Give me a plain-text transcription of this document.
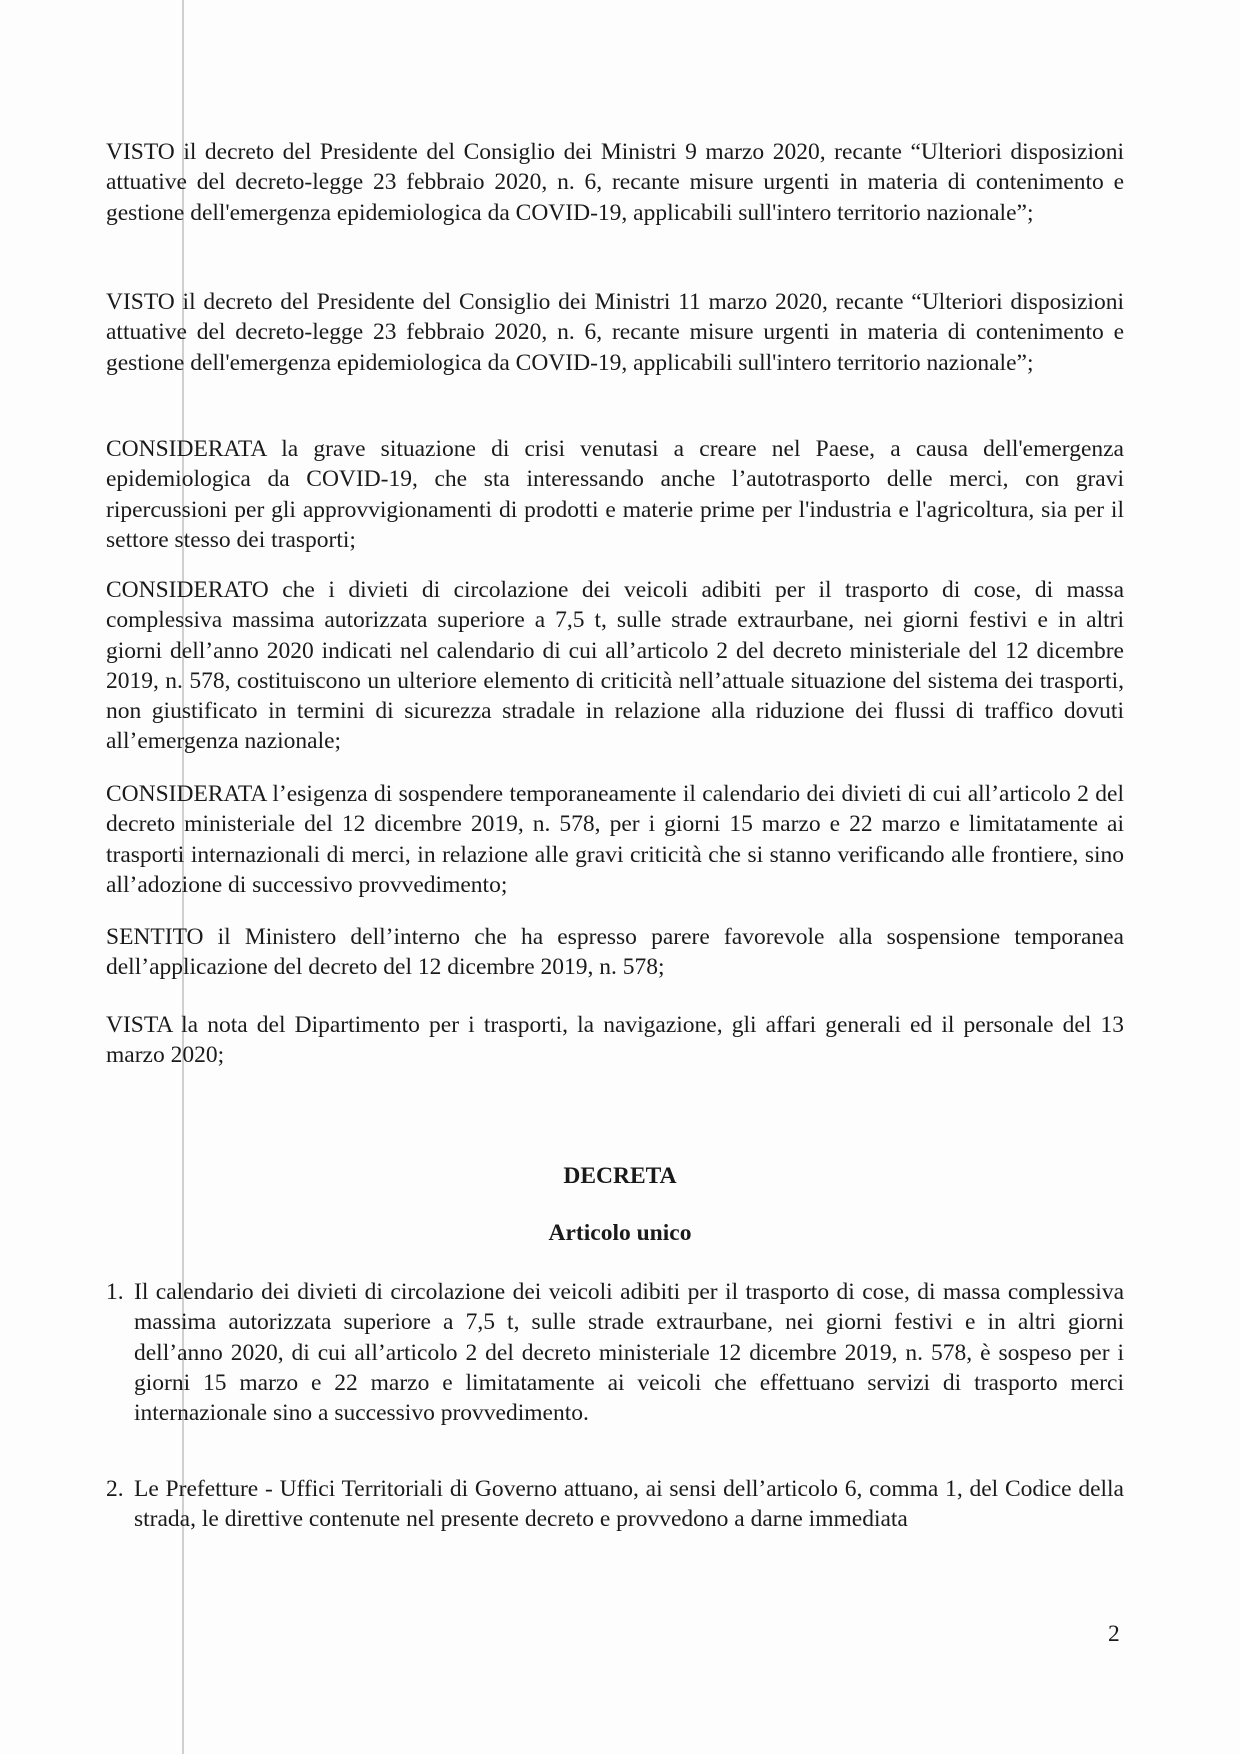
VISTO il decreto del Presidente del Consiglio dei Ministri 9 marzo 2020, recante “Ulteriori disposizioni attuative del decreto-legge 23 febbraio 2020, n. 6, recante misure urgenti in materia di contenimento e gestione dell'emergenza epidemiologica da COVID-19, applicabili sull'intero territorio nazionale”;

VISTO il decreto del Presidente del Consiglio dei Ministri 11 marzo 2020, recante “Ulteriori disposizioni attuative del decreto-legge 23 febbraio 2020, n. 6, recante misure urgenti in materia di contenimento e gestione dell'emergenza epidemiologica da COVID-19, applicabili sull'intero territorio nazionale”;

CONSIDERATA la grave situazione di crisi venutasi a creare nel Paese, a causa dell'emergenza epidemiologica da COVID-19, che sta interessando anche l’autotrasporto delle merci, con gravi ripercussioni per gli approvvigionamenti di prodotti e materie prime per l'industria e l'agricoltura, sia per il settore stesso dei trasporti;

CONSIDERATO che i divieti di circolazione dei veicoli adibiti per il trasporto di cose, di massa complessiva massima autorizzata superiore a 7,5 t, sulle strade extraurbane, nei giorni festivi e in altri giorni dell’anno 2020 indicati nel calendario di cui all’articolo 2 del decreto ministeriale del 12 dicembre 2019, n. 578, costituiscono un ulteriore elemento di criticità nell’attuale situazione del sistema dei trasporti, non giustificato in termini di sicurezza stradale in relazione alla riduzione dei flussi di traffico dovuti all’emergenza nazionale;

CONSIDERATA l’esigenza di sospendere temporaneamente il calendario dei divieti di cui all’articolo 2 del decreto ministeriale del 12 dicembre 2019, n. 578, per i giorni 15 marzo e 22 marzo e limitatamente ai trasporti internazionali di merci, in relazione alle gravi criticità che si stanno verificando alle frontiere, sino all’adozione di successivo provvedimento;

SENTITO il Ministero dell’interno che ha espresso parere favorevole alla sospensione temporanea dell’applicazione del decreto del 12 dicembre 2019, n. 578;

VISTA la nota del Dipartimento per i trasporti, la navigazione, gli affari generali ed il personale del 13 marzo 2020;

DECRETA

Articolo unico

1. Il calendario dei divieti di circolazione dei veicoli adibiti per il trasporto di cose, di massa complessiva massima autorizzata superiore a 7,5 t, sulle strade extraurbane, nei giorni festivi e in altri giorni dell’anno 2020, di cui all’articolo 2 del decreto ministeriale 12 dicembre 2019, n. 578, è sospeso per i giorni 15 marzo e 22 marzo e limitatamente ai veicoli che effettuano servizi di trasporto merci internazionale sino a successivo provvedimento.
2. Le Prefetture - Uffici Territoriali di Governo attuano, ai sensi dell’articolo 6, comma 1, del Codice della strada, le direttive contenute nel presente decreto e provvedono a darne immediata
2
